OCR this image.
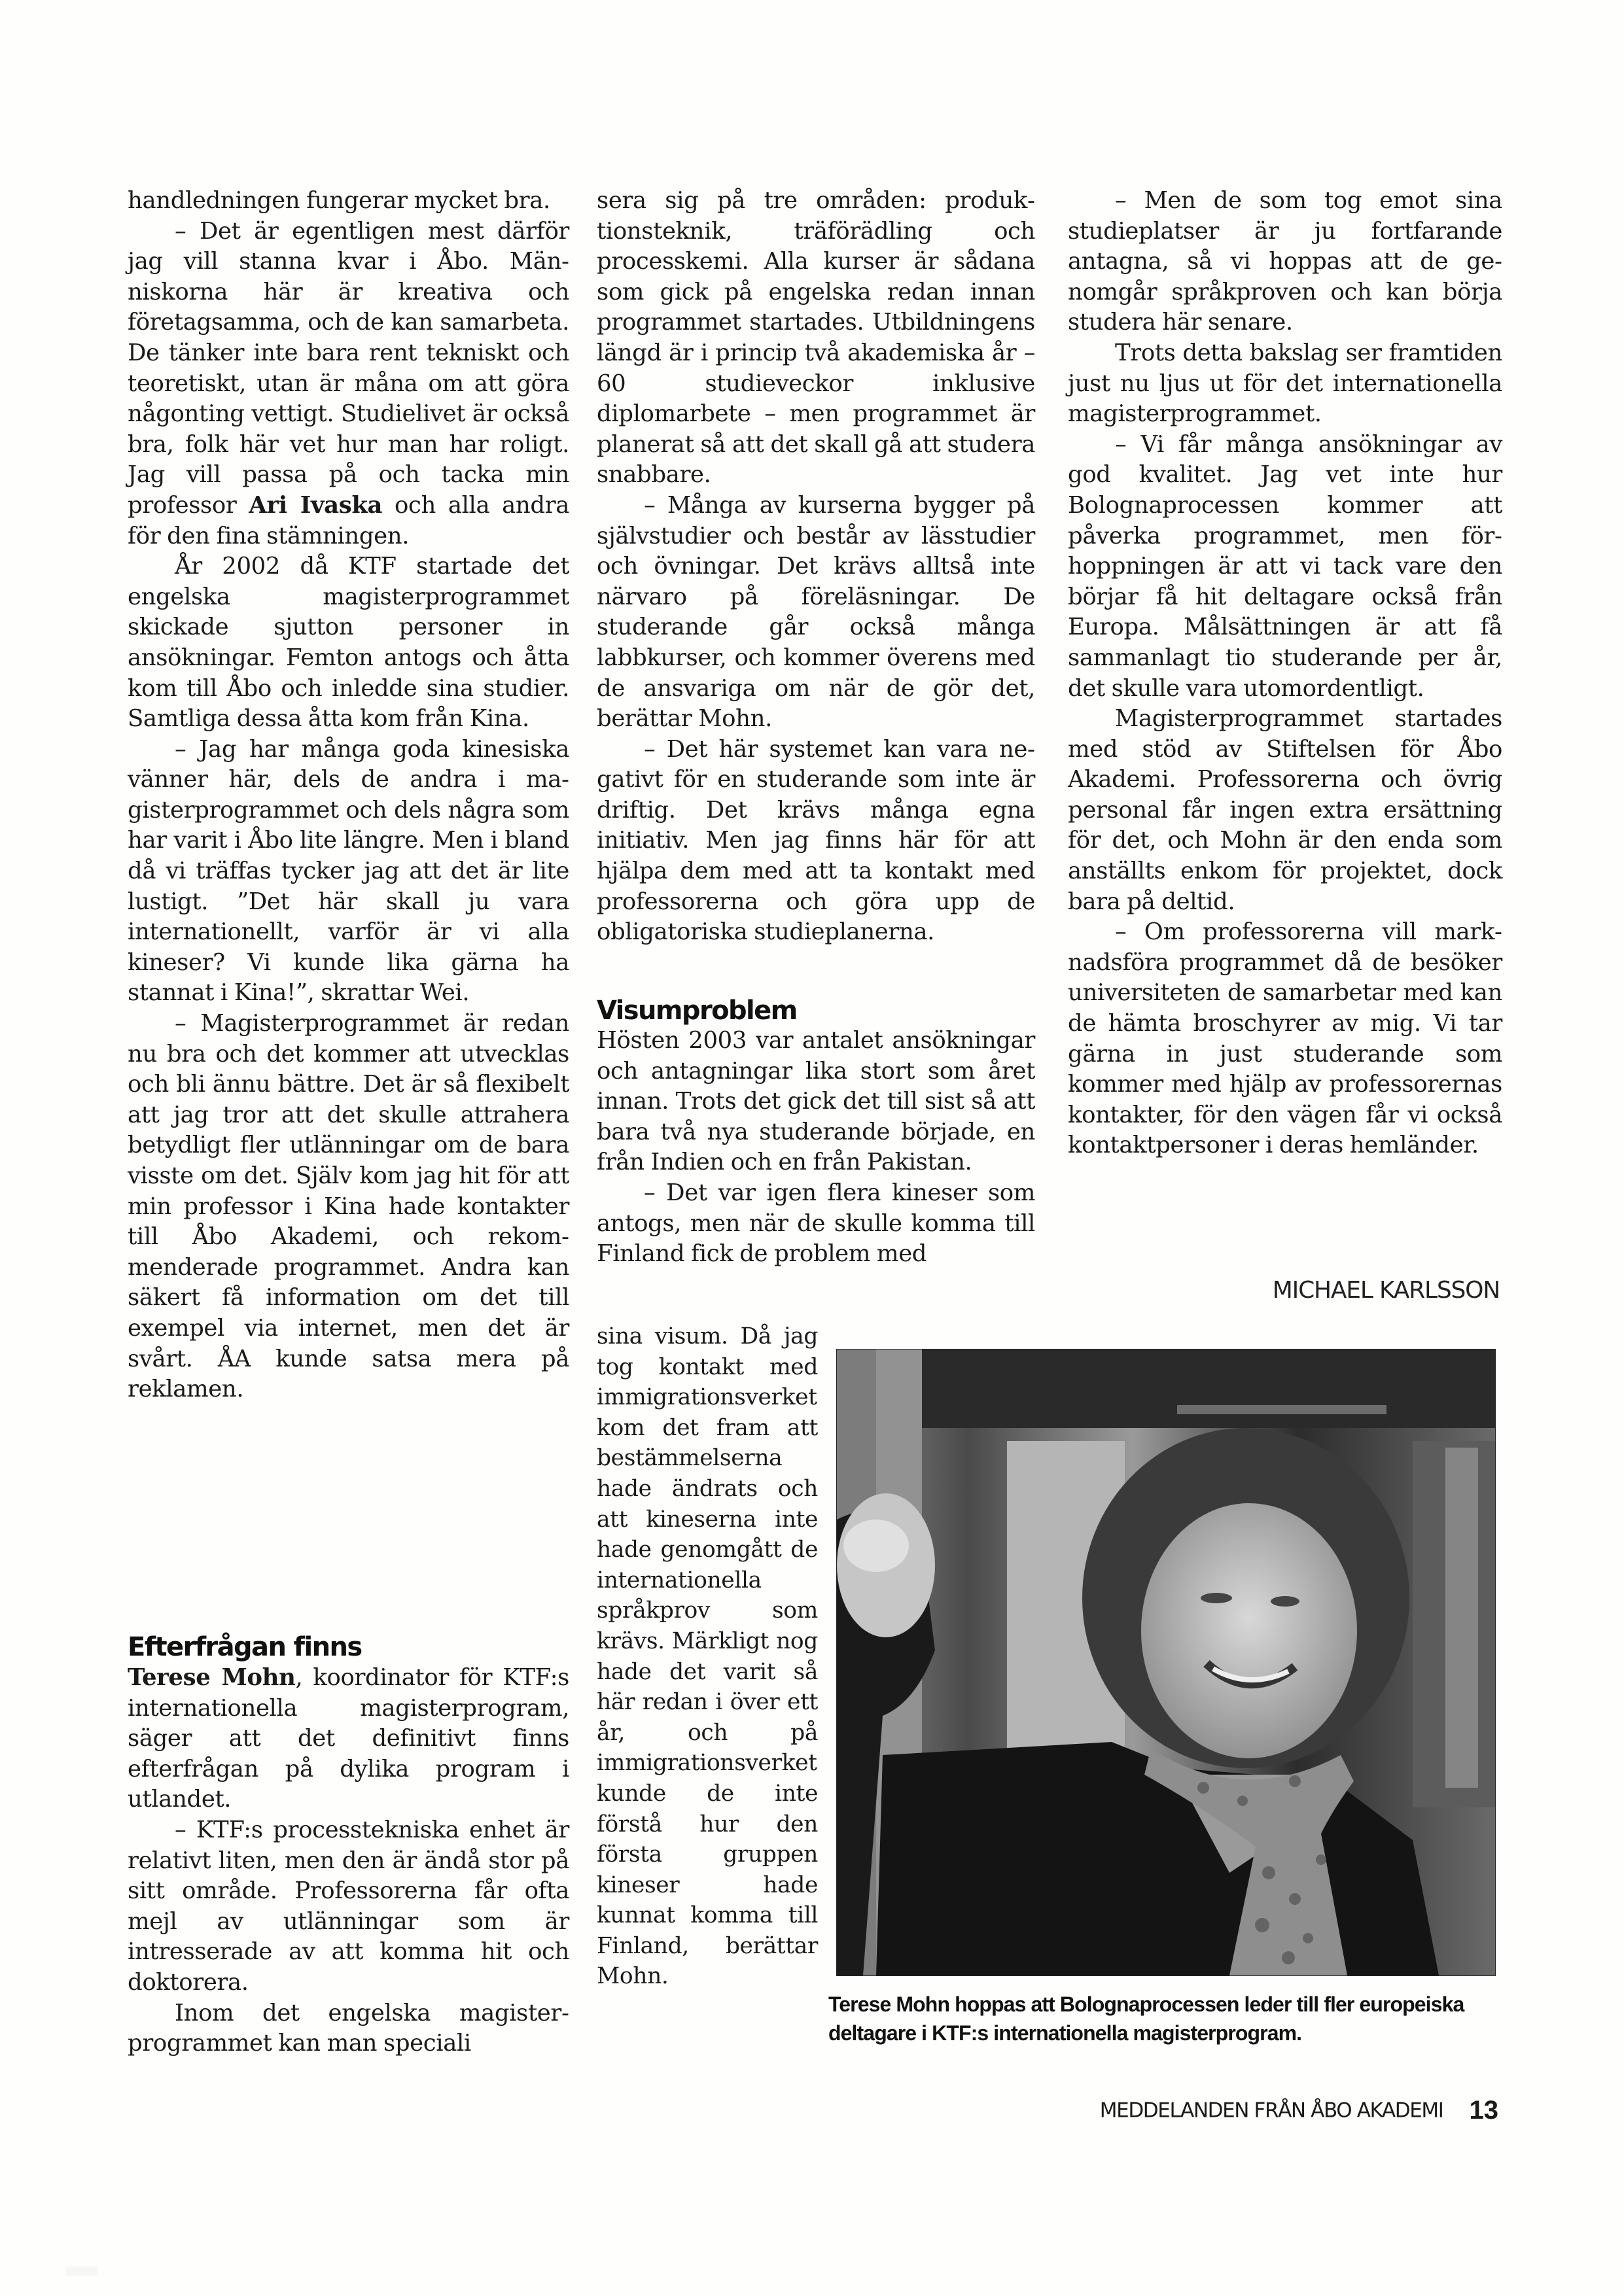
handledningen fungerar mycket bra.

– Det är egentligen mest därför jag vill stanna kvar i Åbo. Människorna här är kreativa och företagsamma, och de kan samarbeta. De tänker inte bara rent tekniskt och teoretiskt, utan är måna om att göra någonting vettigt. Studielivet är också bra, folk här vet hur man har roligt. Jag vill passa på och tacka min professor Ari Ivaska och alla andra för den fina stämningen.

År 2002 då KTF startade det engelska magisterprogrammet skickade sjutton personer in ansökningar. Femton antogs och åtta kom till Åbo och inledde sina studier. Samtliga dessa åtta kom från Kina.

– Jag har många goda kinesiska vänner här, dels de andra i magisterprogrammet och dels några som har varit i Åbo lite längre. Men i bland då vi träffas tycker jag att det är lite lustigt. ”Det här skall ju vara internationellt, varför är vi alla kineser? Vi kunde lika gärna ha stannat i Kina!”, skrattar Wei.

– Magisterprogrammet är redan nu bra och det kommer att utvecklas och bli ännu bättre. Det är så flexibelt att jag tror att det skulle attrahera betydligt fler utlänningar om de bara visste om det. Själv kom jag hit för att min professor i Kina hade kontakter till Åbo Akademi, och rekommenderade programmet. Andra kan säkert få information om det till exempel via internet, men det är svårt. ÅA kunde satsa mera på reklamen.

Efterfrågan finns

Terese Mohn, koordinator för KTF:s internationella magisterprogram, säger att det definitivt finns efterfrågan på dylika program i utlandet.

– KTF:s processtekniska enhet är relativt liten, men den är ändå stor på sitt område. Professorerna får ofta mejl av utlänningar som är intresserade av att komma hit och doktorera.

Inom det engelska magisterprogrammet kan man speciali

sera sig på tre områden: produktionsteknik, träförädling och processkemi. Alla kurser är sådana som gick på engelska redan innan programmet startades. Utbildningens längd är i princip två akademiska år – 60 studieveckor inklusive diplomarbete – men programmet är planerat så att det skall gå att studera snabbare.

– Många av kurserna bygger på självstudier och består av lässtudier och övningar. Det krävs alltså inte närvaro på föreläsningar. De studerande går också många labbkurser, och kommer överens med de ansvariga om när de gör det, berättar Mohn.

– Det här systemet kan vara negativt för en studerande som inte är driftig. Det krävs många egna initiativ. Men jag finns här för att hjälpa dem med att ta kontakt med professorerna och göra upp de obligatoriska studieplanerna.

Visumproblem

Hösten 2003 var antalet ansökningar och antagningar lika stort som året innan. Trots det gick det till sist så att bara två nya studerande började, en från Indien och en från Pakistan.

– Det var igen flera kineser som antogs, men när de skulle komma till Finland fick de problem med

sina visum. Då jag tog kontakt med immigrationsverket kom det fram att bestämmelserna hade ändrats och att kineserna inte hade genomgått de internationella språkprov som krävs. Märkligt nog hade det varit så här redan i över ett år, och på immigrationsverket kunde de inte förstå hur den första gruppen kineser hade kunnat komma till Finland, berättar Mohn.

– Men de som tog emot sina studieplatser är ju fortfarande antagna, så vi hoppas att de genomgår språkproven och kan börja studera här senare.

Trots detta bakslag ser framtiden just nu ljus ut för det internationella magisterprogrammet.

– Vi får många ansökningar av god kvalitet. Jag vet inte hur Bolognaprocessen kommer att påverka programmet, men förhoppningen är att vi tack vare den börjar få hit deltagare också från Europa. Målsättningen är att få sammanlagt tio studerande per år, det skulle vara utomordentligt.

Magisterprogrammet startades med stöd av Stiftelsen för Åbo Akademi. Professorerna och övrig personal får ingen extra ersättning för det, och Mohn är den enda som anställts enkom för projektet, dock bara på deltid.

– Om professorerna vill marknadsföra programmet då de besöker universiteten de samarbetar med kan de hämta broschyrer av mig. Vi tar gärna in just studerande som kommer med hjälp av professorernas kontakter, för den vägen får vi också kontaktpersoner i deras hemländer.

MICHAEL KARLSSON
Terese Mohn hoppas att Bolognaprocessen leder till fler europeiska deltagare i KTF:s internationella magisterprogram.
MEDDELANDEN FRÅN ÅBO AKADEMI 13
